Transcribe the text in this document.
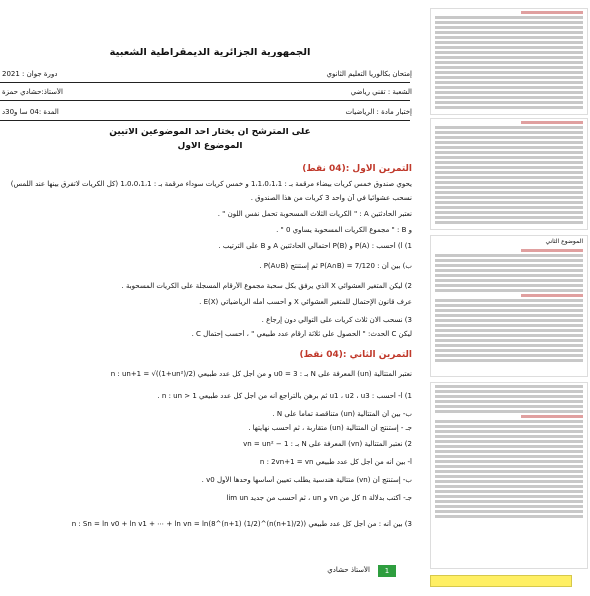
الجمهورية الجزائرية الديمقراطية الشعبية
إمتحان بكالوريا التعليم الثانوي
دورة جوان : 2021
الشعبة : تقني رياضي
الأستاذ:حشادي حمزة
إختبار مادة : الرياضيات
المدة :04 سا و30د
على المترشح أن يختار أحد الموضوعين الاتيين
الموضوع الأول
التمرين الأول :(04 نقط)
يحوي صندوق خمس كريات بيضاء مرقمة بـ : 1،1،0،1،1 و خمس كريات سوداء مرقمة بـ : 1،0،0،1،1 (كل الكريات لاتفرق بينها عند اللمس)
نسحب عشوائيا في آن واحد 3 كريات من هذا الصندوق .
نعتبر الحادثتين A : " الكريات الثلاث المسحوبة تحمل نفس اللون " .
و B : " مجموع الكريات المسحوبة يساوي 0 " .
1) أ) أحسب : P(A) و P(B) احتمالي الحادثتين A و B على الترتيب .
ب) بين أن : P(A∩B) = 7/120 ثم إستنتج P(A∪B) .
2) ليكن المتغير العشوائي X الذي يرفق بكل سحبة مجموع الأرقام المسجلة على الكريات المسحوبة .
عرف قانون الإحتمال للمتغير العشوائي X و أحسب أمله الرياضياتي E(X) .
3) نسحب الان ثلاث كريات على التوالي دون إرجاع .
ليكن C الحدث: " الحصول على ثلاثة أرقام عدد طبيعي " ، أحسب إحتمال C .
التمرين الثاني :(04 نقط)
نعتبر المتتالية (un) المعرفة على N بـ : u0 = 3 و من أجل كل عدد طبيعي n : un+1 = √((1+un²)/2)
1) أ- أحسب : u1 ، u2 ، u3 ثم برهن بالتراجع أنه من أجل كل عدد طبيعي n : un > 1 .
ب- بين أن المتتالية (un) متناقصة تماما على N .
جـ - إستنتج أن المتتالية (un) متقاربة ، ثم أحسب نهايتها .
2) نعتبر المتتالية (vn) المعرفة على N بـ : vn = un² − 1
أ- بين أنه من أجل كل عدد طبيعي n : 2vn+1 = vn
ب- إستنتج أن (vn) متتالية هندسية يطلب تعيين أساسها وحدها الأول v0 .
جـ- أكتب بدلالة n كل من vn و un ، ثم أحسب من جديد lim un
3) بين أنه : من أجل كل عدد طبيعي n : Sn = ln v0 + ln v1 + ⋯ + ln vn = ln(8^(n+1) (1/2)^(n(n+1)/2))
1
الأستاذ حشادي
الموضوع الثاني
